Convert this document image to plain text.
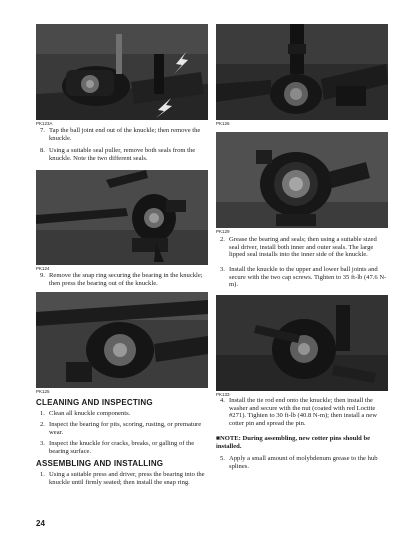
PK123A	PK126
7. Tap the ball joint end out of the knuckle; then remove the knuckle.
8. Using a suitable seal puller, remove both seals from the knuckle. Note the two different seals.
PK124
PK129
2. Grease the bearing and seals; then using a suitable sized seal driver, install both inner and outer seals. The large lipped seal installs into the inner side of the knuckle.
3. Install the knuckle to the upper and lower ball joints and secure with the two cap screws. Tighten to 35 ft-lb (47.6 N-m).
9. Remove the snap ring securing the bearing in the knuckle; then press the bearing out of the knuckle.
PK125
PK133
CLEANING AND INSPECTING
1. Clean all knuckle components.
2. Inspect the bearing for pits, scoring, rusting, or premature wear.
3. Inspect the knuckle for cracks, breaks, or galling of the bearing surface.
ASSEMBLING AND INSTALLING
1. Using a suitable press and driver, press the bearing into the knuckle until firmly seated; then install the snap ring.
4. Install the tie rod end onto the knuckle; then install the washer and secure with the nut (coated with red Loctite #271). Tighten to 30 ft-lb (40.8 N-m); then install a new cotter pin and spread the pin.
■NOTE: During assembling, new cotter pins should be installed.
5. Apply a small amount of molybdenum grease to the hub splines.
24
